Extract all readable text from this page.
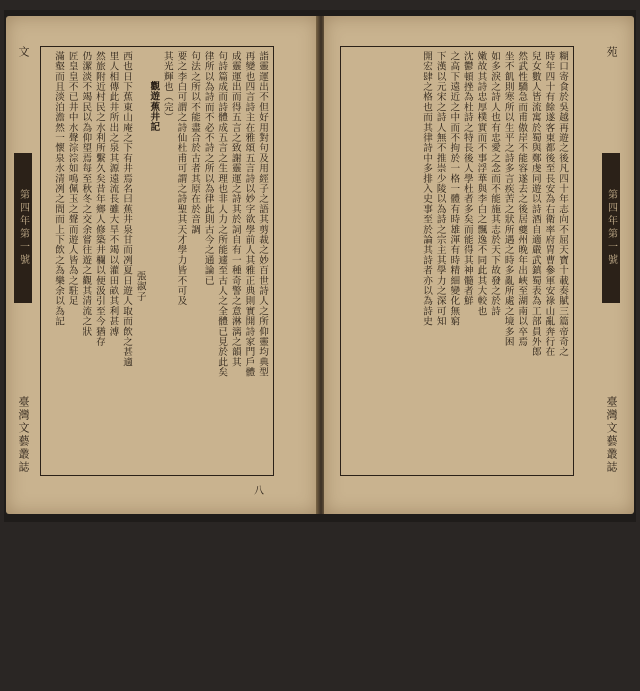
文
第四年第一號
臺灣文藝叢誌
詣靈運出不但好用對句及用經子之語其剪裁之妙百世詩人之所仰靈均典型
再變也四言詩主在雅頌五言詩以妙字欲學前人其雅正典則實開詩家門戶體
成靈運出而得五言之致謝靈運之詩其於詞自有一種奇警之意淋漓之韻其
句詩篇成而詩體成五言之生理也非人力之所能遽至古人之全體已見於此矣
律所以為詩而不必不詩之所以為律此則古今之通論已
句法之所以不能盡合於古者其原在於音調
要之李白可謂之詩仙杜甫可謂之詩聖其天才學力皆不可及
其光輝也（完）
觀遊蕉井記
張淑子
西也日下蕉東山庵之下有井焉名曰蕉井泉甘而冽夏日遊人取而飲之甚適
里人相傳此井所出之泉其源遠流長雖大旱不竭以灌田畝其利甚溥
然旅附近村民之水利所繫久矣昔年鄉人修築井欄以便汲引至今猶存
仍潔淡不竭民以為仰望焉每至秋冬之交余嘗往遊之觀其清流之狀
匠皇皇不已井中水聲淙淙如鳴佩玉之聲而遊人皆為之駐足
滿壑而且淡泊澹然一懷泉水清冽之間而上下飲之為樂余以為記
八
糊口寄食於吳越再遊之後凡四十年志向不屈天寶十載奏賦三篇帝奇之
時年四十有餘遂客東都後至長安為右衛率府胄曹參軍安祿山亂奔行在
兒女數人皆流寓於蜀與鄭虔同遊以詩酒自適嚴武鎮蜀表為工部員外郎
然武性驕急而甫傲岸不能容遂去之後居夔州晚年出峽至湖南以卒焉
坐不飢則寒所以生平之詩多言疾苦之狀所遇之時多亂所處之境多困
如多淚之詩人也有忠愛之念而不能施其志於天下故發之於詩
嫩故其詩忠厚樸實而不事浮華與李白之飄逸不同此其大較也
沈鬱頓挫為杜詩之特長後人學杜者多矣而能得其神髓者鮮
之高下遠近之中而不拘於一格一體有時雄渾有時精細變化無窮
下漢以元宋之詩人無不推崇少陵以為詩之宗主其學力之深可知
開宏肆之格也而其律詩中多排入史事至於論其詩者亦以為詩史	苑
第四年第一號
臺灣文藝叢誌
